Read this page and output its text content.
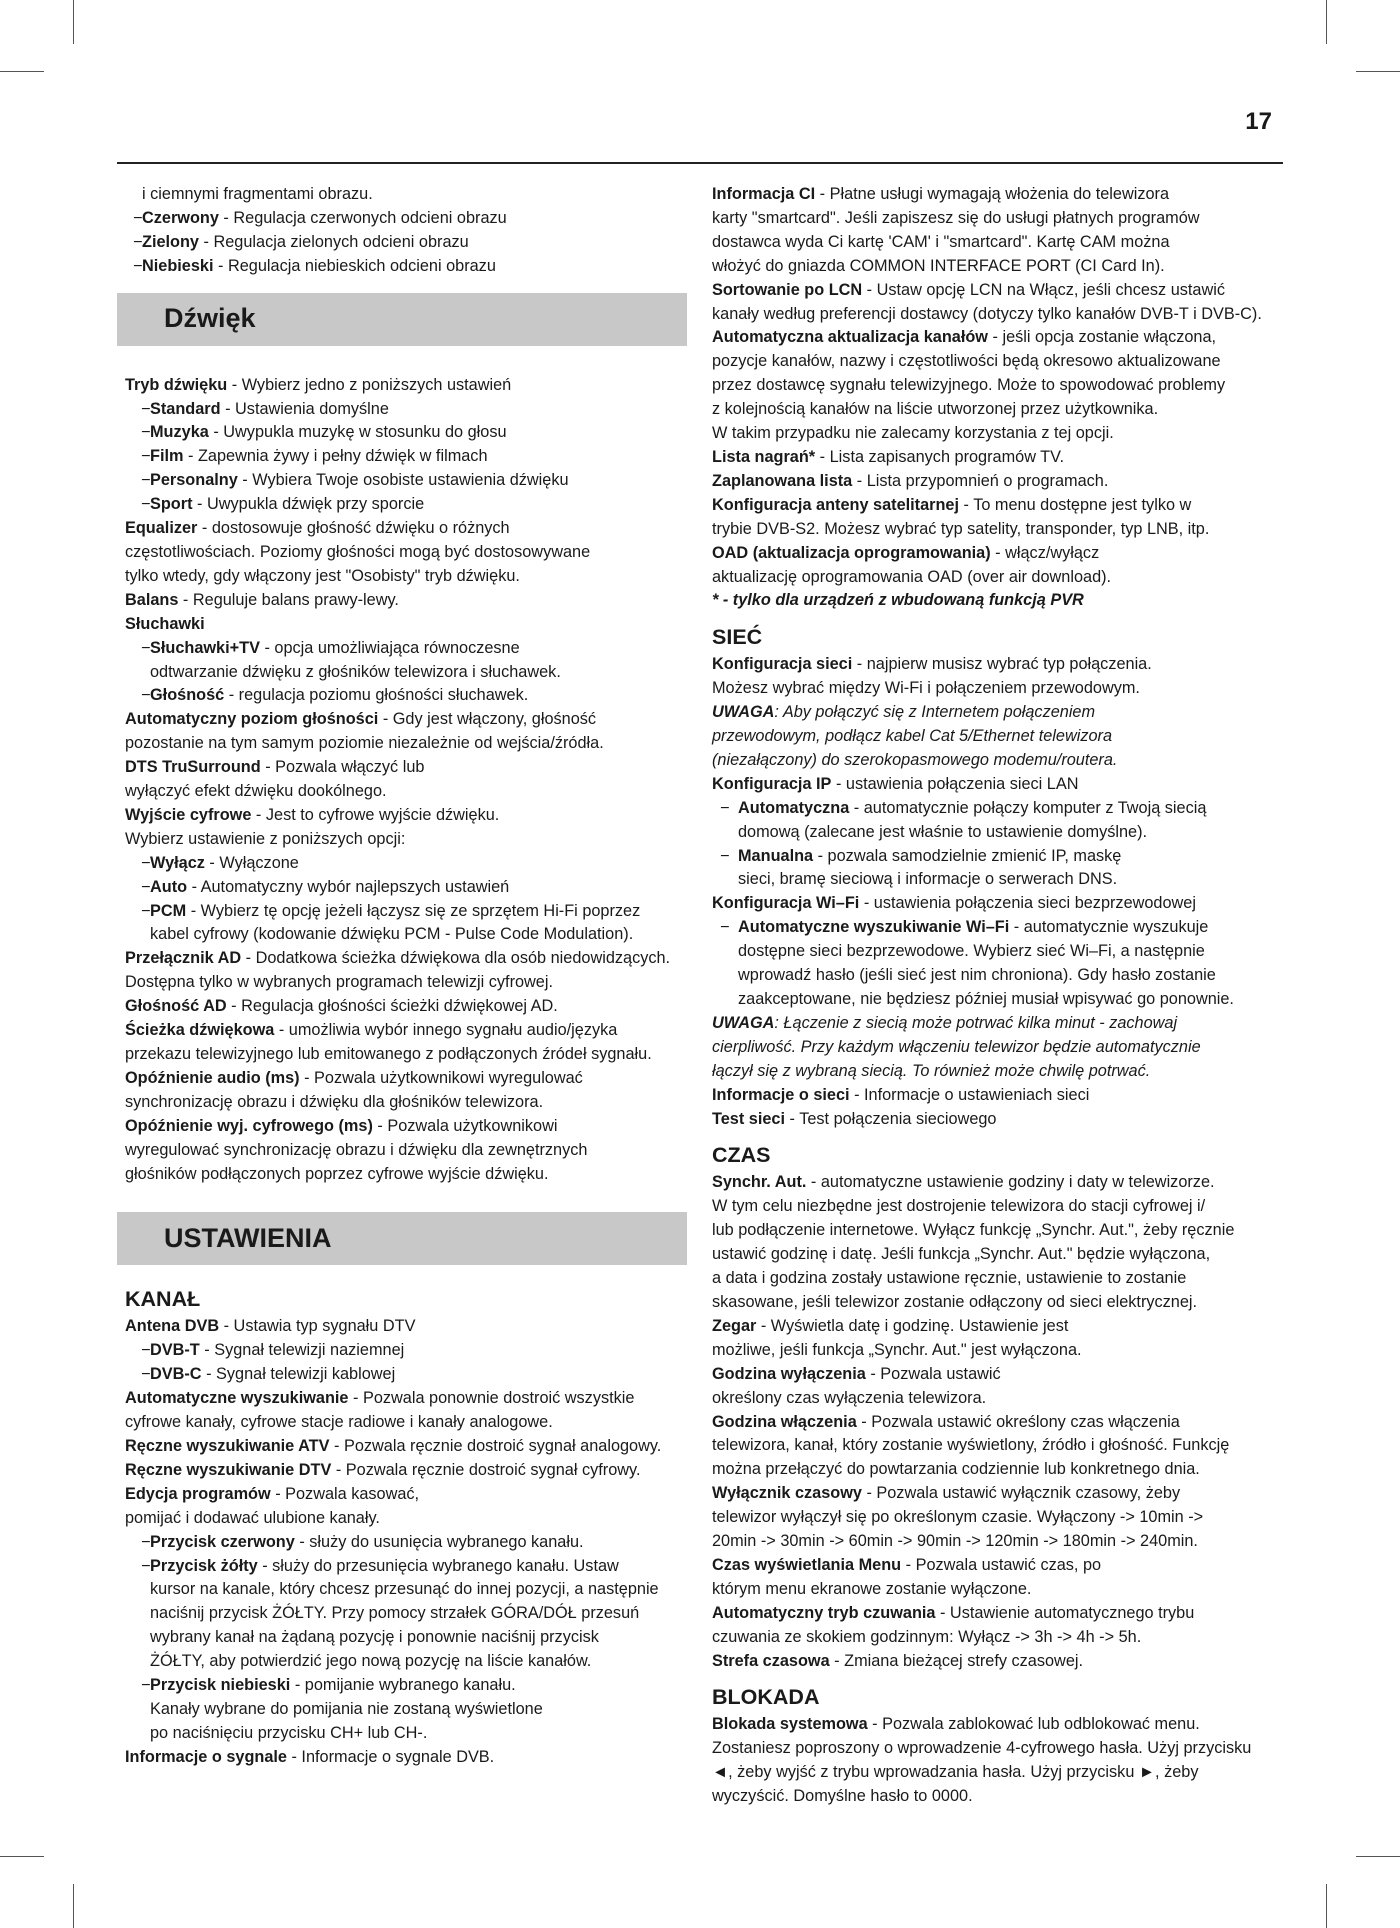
17

i ciemnymi fragmentami obrazu.

− Czerwony - Regulacja czerwonych odcieni obrazu

− Zielony - Regulacja zielonych odcieni obrazu

− Niebieski - Regulacja niebieskich odcieni obrazu

Dźwięk

Tryb dźwięku - Wybierz jedno z poniższych ustawień

− Standard - Ustawienia domyślne

− Muzyka - Uwypukla muzykę w stosunku do głosu

− Film - Zapewnia żywy i pełny dźwięk w filmach

− Personalny - Wybiera Twoje osobiste ustawienia dźwięku

− Sport - Uwypukla dźwięk przy sporcie

Equalizer - dostosowuje głośność dźwięku o różnych
częstotliwościach. Poziomy głośności mogą być dostosowywane
tylko wtedy, gdy włączony jest "Osobisty" tryb dźwięku.

Balans - Reguluje balans prawy-lewy.

Słuchawki

− Słuchawki+TV - opcja umożliwiająca równoczesne
odtwarzanie dźwięku z głośników telewizora i słuchawek.

− Głośność - regulacja poziomu głośności słuchawek.

Automatyczny poziom głośności - Gdy jest włączony, głośność
pozostanie na tym samym poziomie niezależnie od wejścia/źródła.

DTS TruSurround - Pozwala włączyć lub
wyłączyć efekt dźwięku dookólnego.

Wyjście cyfrowe - Jest to cyfrowe wyjście dźwięku.
Wybierz ustawienie z poniższych opcji:

− Wyłącz - Wyłączone

− Auto - Automatyczny wybór najlepszych ustawień

− PCM - Wybierz tę opcję jeżeli łączysz się ze sprzętem Hi-Fi poprzez
kabel cyfrowy (kodowanie dźwięku PCM - Pulse Code Modulation).

Przełącznik AD - Dodatkowa ścieżka dźwiękowa dla osób niedowidzących.
Dostępna tylko w wybranych programach telewizji cyfrowej.

Głośność AD - Regulacja głośności ścieżki dźwiękowej AD.

Ścieżka dźwiękowa - umożliwia wybór innego sygnału audio/języka
przekazu telewizyjnego lub emitowanego z podłączonych źródeł sygnału.

Opóźnienie audio (ms) - Pozwala użytkownikowi wyregulować
synchronizację obrazu i dźwięku dla głośników telewizora.

Opóźnienie wyj. cyfrowego (ms) - Pozwala użytkownikowi
wyregulować synchronizację obrazu i dźwięku dla zewnętrznych
głośników podłączonych poprzez cyfrowe wyjście dźwięku.

USTAWIENIA
KANAŁ

Antena DVB - Ustawia typ sygnału DTV

− DVB-T - Sygnał telewizji naziemnej

− DVB-C - Sygnał telewizji kablowej

Automatyczne wyszukiwanie - Pozwala ponownie dostroić wszystkie
cyfrowe kanały, cyfrowe stacje radiowe i kanały analogowe.

Ręczne wyszukiwanie ATV - Pozwala ręcznie dostroić sygnał analogowy.

Ręczne wyszukiwanie DTV - Pozwala ręcznie dostroić sygnał cyfrowy.

Edycja programów - Pozwala kasować,
pomijać i dodawać ulubione kanały.

− Przycisk czerwony - służy do usunięcia wybranego kanału.

− Przycisk żółty - służy do przesunięcia wybranego kanału. Ustaw
kursor na kanale, który chcesz przesunąć do innej pozycji, a następnie
naciśnij przycisk ŻÓŁTY. Przy pomocy strzałek GÓRA/DÓŁ przesuń
wybrany kanał na żądaną pozycję i ponownie naciśnij przycisk
ŻÓŁTY, aby potwierdzić jego nową pozycję na liście kanałów.

− Przycisk niebieski - pomijanie wybranego kanału.
Kanały wybrane do pomijania nie zostaną wyświetlone
po naciśnięciu przycisku CH+ lub CH-.

Informacje o sygnale - Informacje o sygnale DVB.

Informacja CI - Płatne usługi wymagają włożenia do telewizora
karty "smartcard". Jeśli zapiszesz się do usługi płatnych programów
dostawca wyda Ci kartę 'CAM' i "smartcard". Kartę CAM można
włożyć do gniazda COMMON INTERFACE PORT (CI Card In).

Sortowanie po LCN - Ustaw opcję LCN na Włącz, jeśli chcesz ustawić
kanały według preferencji dostawcy (dotyczy tylko kanałów DVB-T i DVB-C).

Automatyczna aktualizacja kanałów - jeśli opcja zostanie włączona,
pozycje kanałów, nazwy i częstotliwości będą okresowo aktualizowane
przez dostawcę sygnału telewizyjnego. Może to spowodować problemy
z kolejnością kanałów na liście utworzonej przez użytkownika.
W takim przypadku nie zalecamy korzystania z tej opcji.

Lista nagrań* - Lista zapisanych programów TV.

Zaplanowana lista - Lista przypomnień o programach.

Konfiguracja anteny satelitarnej - To menu dostępne jest tylko w
trybie DVB-S2. Możesz wybrać typ satelity, transponder, typ LNB, itp.

OAD (aktualizacja oprogramowania) - włącz/wyłącz
aktualizację oprogramowania OAD (over air download).

* - tylko dla urządzeń z wbudowaną funkcją PVR

SIEĆ

Konfiguracja sieci - najpierw musisz wybrać typ połączenia.
Możesz wybrać między Wi-Fi i połączeniem przewodowym.

UWAGA: Aby połączyć się z Internetem połączeniem
przewodowym, podłącz kabel Cat 5/Ethernet telewizora
(niezałączony) do szerokopasmowego modemu/routera.

Konfiguracja IP - ustawienia połączenia sieci LAN

− Automatyczna - automatycznie połączy komputer z Twoją siecią
domową (zalecane jest właśnie to ustawienie domyślne).

− Manualna - pozwala samodzielnie zmienić IP, maskę
sieci, bramę sieciową i informacje o serwerach DNS.

Konfiguracja Wi–Fi - ustawienia połączenia sieci bezprzewodowej

− Automatyczne wyszukiwanie Wi–Fi - automatycznie wyszukuje
dostępne sieci bezprzewodowe. Wybierz sieć Wi–Fi, a następnie
wprowadź hasło (jeśli sieć jest nim chroniona). Gdy hasło zostanie
zaakceptowane, nie będziesz później musiał wpisywać go ponownie.

UWAGA: Łączenie z siecią może potrwać kilka minut - zachowaj
cierpliwość. Przy każdym włączeniu telewizor będzie automatycznie
łączył się z wybraną siecią. To również może chwilę potrwać.

Informacje o sieci - Informacje o ustawieniach sieci

Test sieci - Test połączenia sieciowego

CZAS

Synchr. Aut. - automatyczne ustawienie godziny i daty w telewizorze.
W tym celu niezbędne jest dostrojenie telewizora do stacji cyfrowej i/
lub podłączenie internetowe. Wyłącz funkcję „Synchr. Aut.", żeby ręcznie
ustawić godzinę i datę. Jeśli funkcja „Synchr. Aut." będzie wyłączona,
a data i godzina zostały ustawione ręcznie, ustawienie to zostanie
skasowane, jeśli telewizor zostanie odłączony od sieci elektrycznej.

Zegar - Wyświetla datę i godzinę. Ustawienie jest
możliwe, jeśli funkcja „Synchr. Aut." jest wyłączona.

Godzina wyłączenia - Pozwala ustawić
określony czas wyłączenia telewizora.

Godzina włączenia - Pozwala ustawić określony czas włączenia
telewizora, kanał, który zostanie wyświetlony, źródło i głośność. Funkcję
można przełączyć do powtarzania codziennie lub konkretnego dnia.

Wyłącznik czasowy - Pozwala ustawić wyłącznik czasowy, żeby
telewizor wyłączył się po określonym czasie. Wyłączony -> 10min ->
20min -> 30min -> 60min -> 90min -> 120min -> 180min -> 240min.

Czas wyświetlania Menu - Pozwala ustawić czas, po
którym menu ekranowe zostanie wyłączone.

Automatyczny tryb czuwania - Ustawienie automatycznego trybu
czuwania ze skokiem godzinnym: Wyłącz -> 3h -> 4h -> 5h.

Strefa czasowa - Zmiana bieżącej strefy czasowej.

BLOKADA

Blokada systemowa - Pozwala zablokować lub odblokować menu.
Zostaniesz poproszony o wprowadzenie 4-cyfrowego hasła. Użyj przycisku
◄, żeby wyjść z trybu wprowadzania hasła. Użyj przycisku ►, żeby
wyczyścić. Domyślne hasło to 0000.
